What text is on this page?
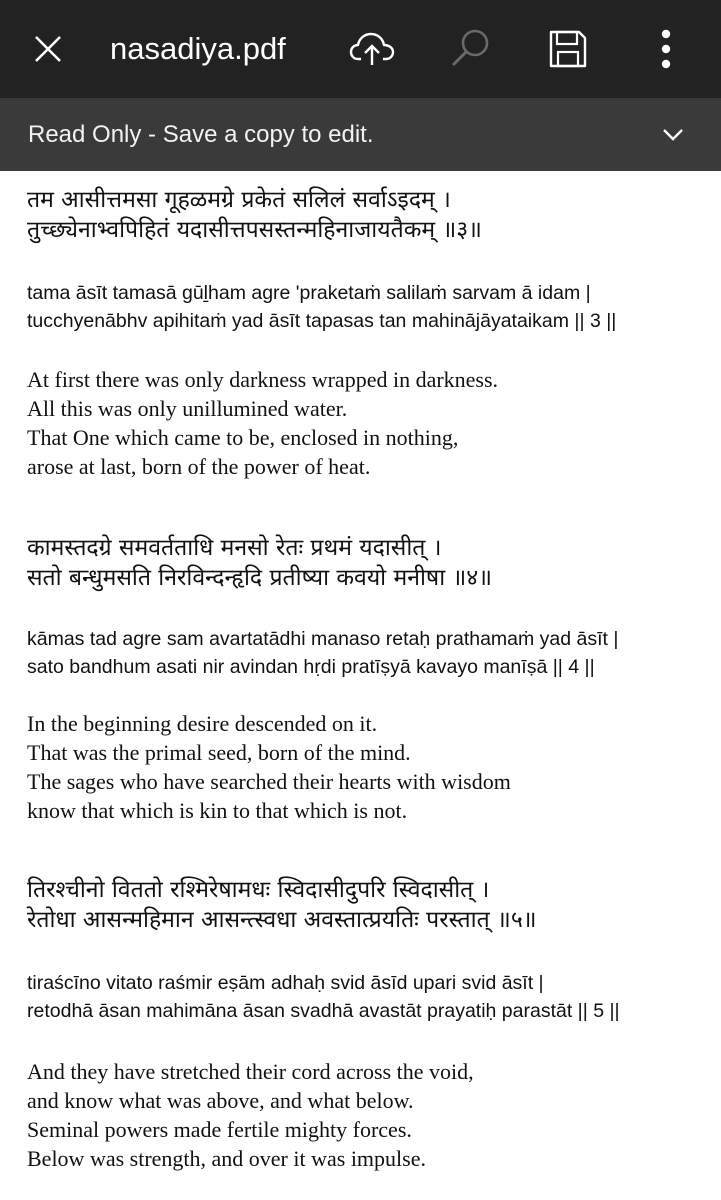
nasadiya.pdf
Read Only - Save a copy to edit.
तम आसीत्तमसा गूहळमग्रे प्रकेतं सलिलं सर्वाऽइदम् ।
तुच्छ्येनाभ्वपिहितं यदासीत्तपसस्तन्महिनाजायतैकम् ॥३॥
tama āsīt tamasā gūḻham agre 'praketaṁ salilaṁ sarvam ā idam |
tucchyenābhv apihitaṁ yad āsīt tapasas tan mahinājāyataikam || 3 ||
At first there was only darkness wrapped in darkness.
All this was only unillumined water.
That One which came to be, enclosed in nothing,
arose at last, born of the power of heat.
कामस्तदग्रे समवर्तताधि मनसो रेतः प्रथमं यदासीत् ।
सतो बन्धुमसति निरविन्दन्हृदि प्रतीष्या कवयो मनीषा ॥४॥
kāmas tad agre sam avartatādhi manaso retaḥ prathamaṁ yad āsīt |
sato bandhum asati nir avindan hṛdi pratīṣyā kavayo manīṣā || 4 ||
In the beginning desire descended on it.
That was the primal seed, born of the mind.
The sages who have searched their hearts with wisdom
know that which is kin to that which is not.
तिरश्चीनो विततो रश्मिरेषामधः स्विदासीदुपरि स्विदासीत् ।
रेतोधा आसन्महिमान आसन्त्स्वधा अवस्तात्प्रयतिः परस्तात् ॥५॥
tiraścīno vitato raśmir eṣām adhaḥ svid āsīd upari svid āsīt |
retodhā āsan mahimāna āsan svadhā avastāt prayatiḥ parastāt || 5 ||
And they have stretched their cord across the void,
and know what was above, and what below.
Seminal powers made fertile mighty forces.
Below was strength, and over it was impulse.
